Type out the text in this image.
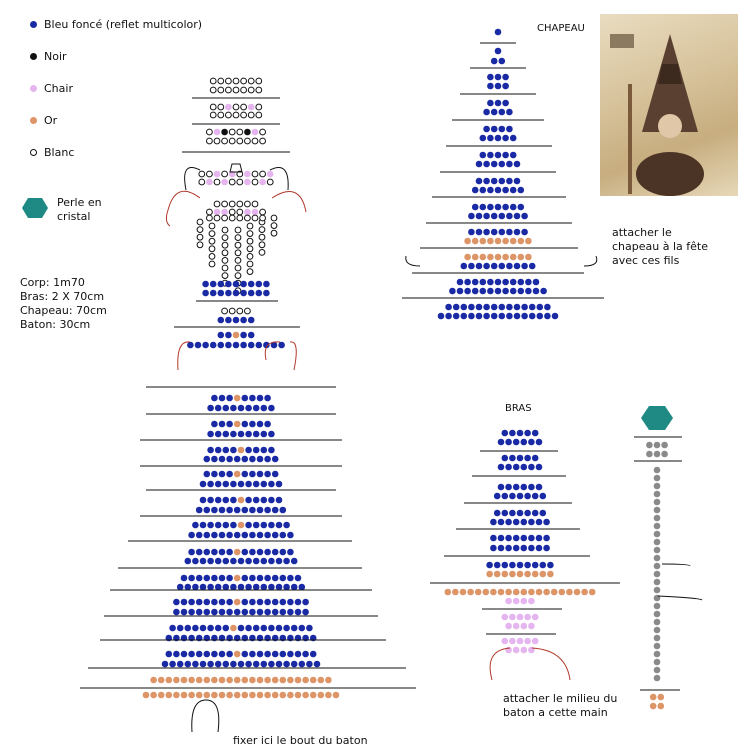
Bleu foncé (reflet multicolor)
Noir
Chair
Or
Blanc
Perle en
cristal
Corp: 1m70
Bras: 2 X 70cm
Chapeau: 70cm
Baton: 30cm
CHAPEAU
attacher le
chapeau à la fête
avec ces fils
BRAS
attacher le milieu du
baton a cette main
fixer ici le bout du baton
